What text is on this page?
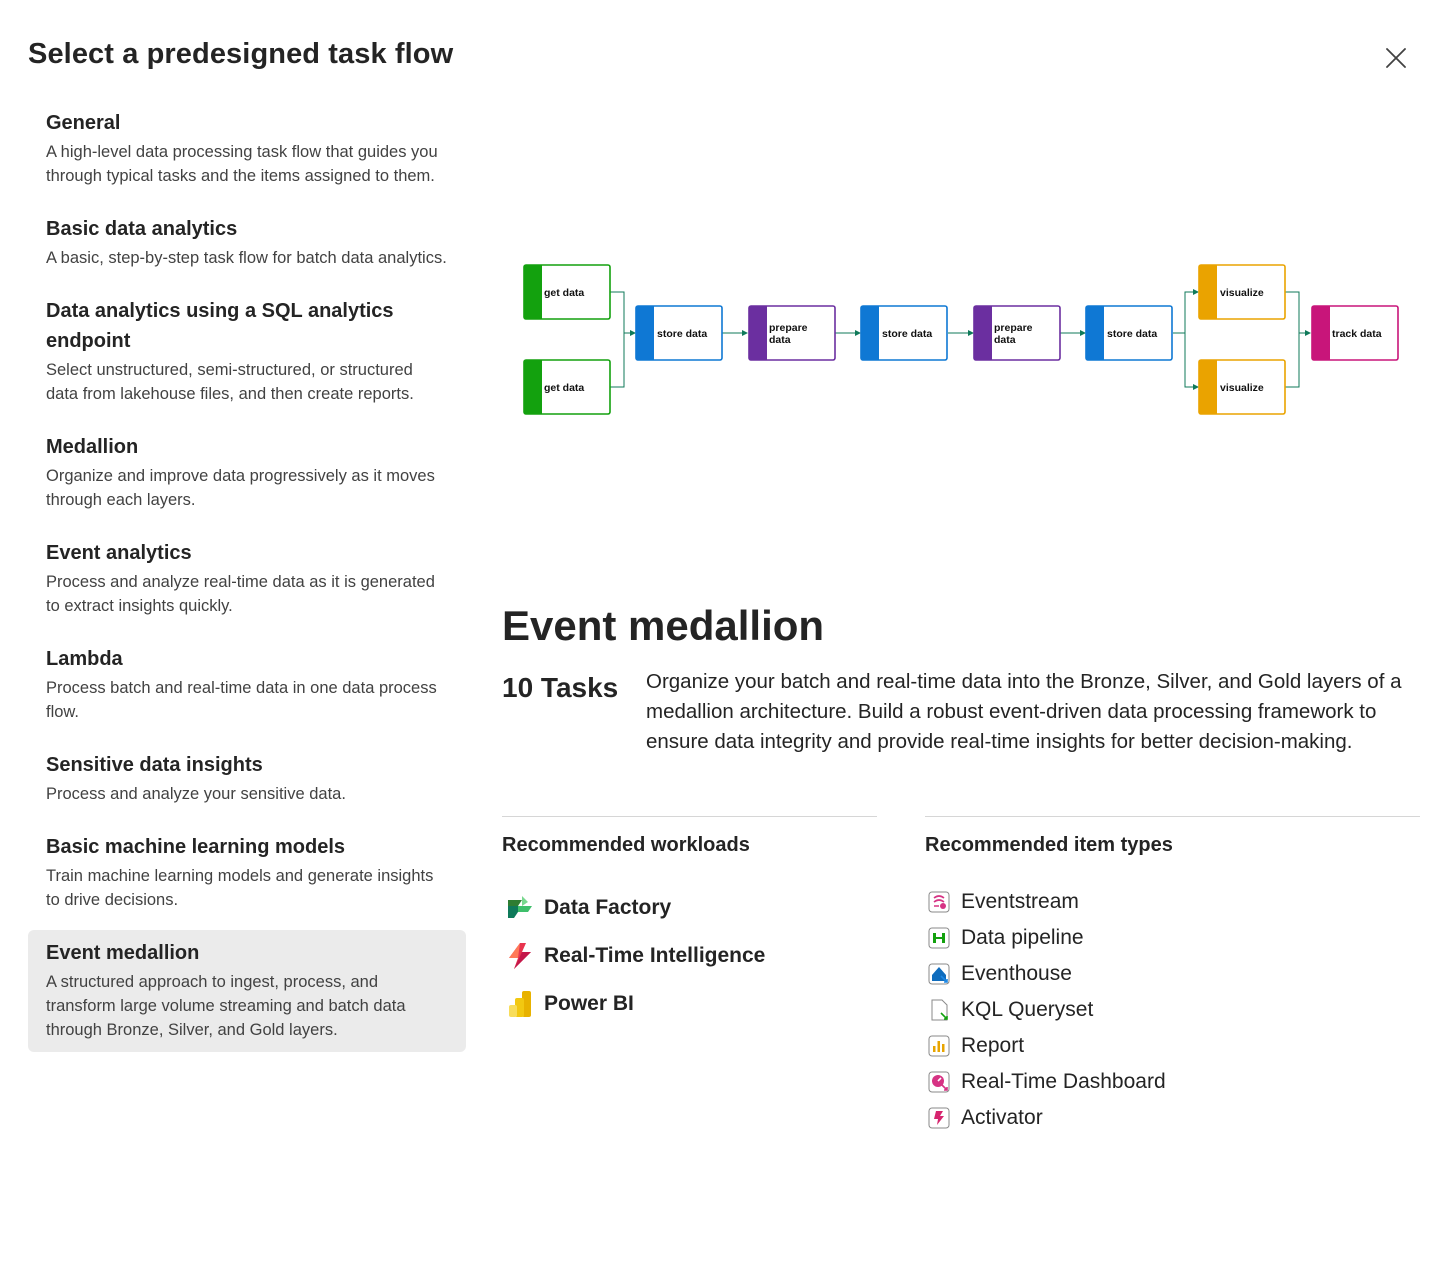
Select a predesigned task flow
General
A high-level data processing task flow that guides you through typical tasks and the items assigned to them.
Basic data analytics
A basic, step-by-step task flow for batch data analytics.
Data analytics using a SQL analytics endpoint
Select unstructured, semi-structured, or structured data from lakehouse files, and then create reports.
Medallion
Organize and improve data progressively as it moves through each layers.
Event analytics
Process and analyze real-time data as it is generated to extract insights quickly.
Lambda
Process batch and real-time data in one data process flow.
Sensitive data insights
Process and analyze your sensitive data.
Basic machine learning models
Train machine learning models and generate insights to drive decisions.
Event medallion
A structured approach to ingest, process, and transform large volume streaming and batch data through Bronze, Silver, and Gold layers.
get data
get data
store data	prepare
data	store data	prepare
data	store data
visualize
visualize
track data
Event medallion
10 Tasks Organize your batch and real-time data into the Bronze, Silver, and Gold layers of a medallion architecture. Build a robust event-driven data processing framework to ensure data integrity and provide real-time insights for better decision-making.
Recommended workloads	Recommended item types
Data Factory
Real-Time Intelligence
Power BI
Eventstream
Data pipeline
Eventhouse
KQL Queryset
Report
Real-Time Dashboard
Activator
